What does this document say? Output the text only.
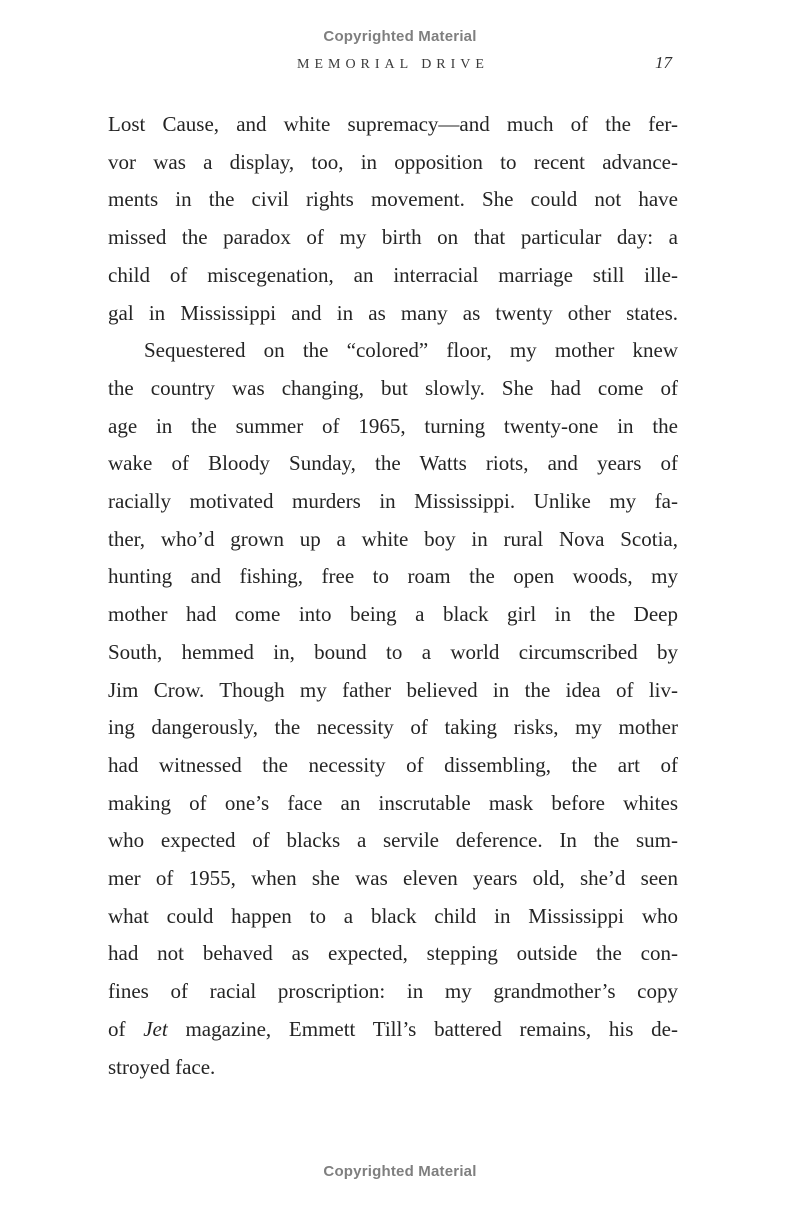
Copyrighted Material
MEMORIAL DRIVE	17
Lost Cause, and white supremacy—and much of the fer-
vor was a display, too, in opposition to recent advance-
ments in the civil rights movement. She could not have
missed the paradox of my birth on that particular day: a
child of miscegenation, an interracial marriage still ille-
gal in Mississippi and in as many as twenty other states.
Sequestered on the “colored” floor, my mother knew
the country was changing, but slowly. She had come of
age in the summer of 1965, turning twenty-one in the
wake of Bloody Sunday, the Watts riots, and years of
racially motivated murders in Mississippi. Unlike my fa-
ther, who’d grown up a white boy in rural Nova Scotia,
hunting and fishing, free to roam the open woods, my
mother had come into being a black girl in the Deep
South, hemmed in, bound to a world circumscribed by
Jim Crow. Though my father believed in the idea of liv-
ing dangerously, the necessity of taking risks, my mother
had witnessed the necessity of dissembling, the art of
making of one’s face an inscrutable mask before whites
who expected of blacks a servile deference. In the sum-
mer of 1955, when she was eleven years old, she’d seen
what could happen to a black child in Mississippi who
had not behaved as expected, stepping outside the con-
fines of racial proscription: in my grandmother’s copy
of Jet magazine, Emmett Till’s battered remains, his de-
stroyed face.
Copyrighted Material
